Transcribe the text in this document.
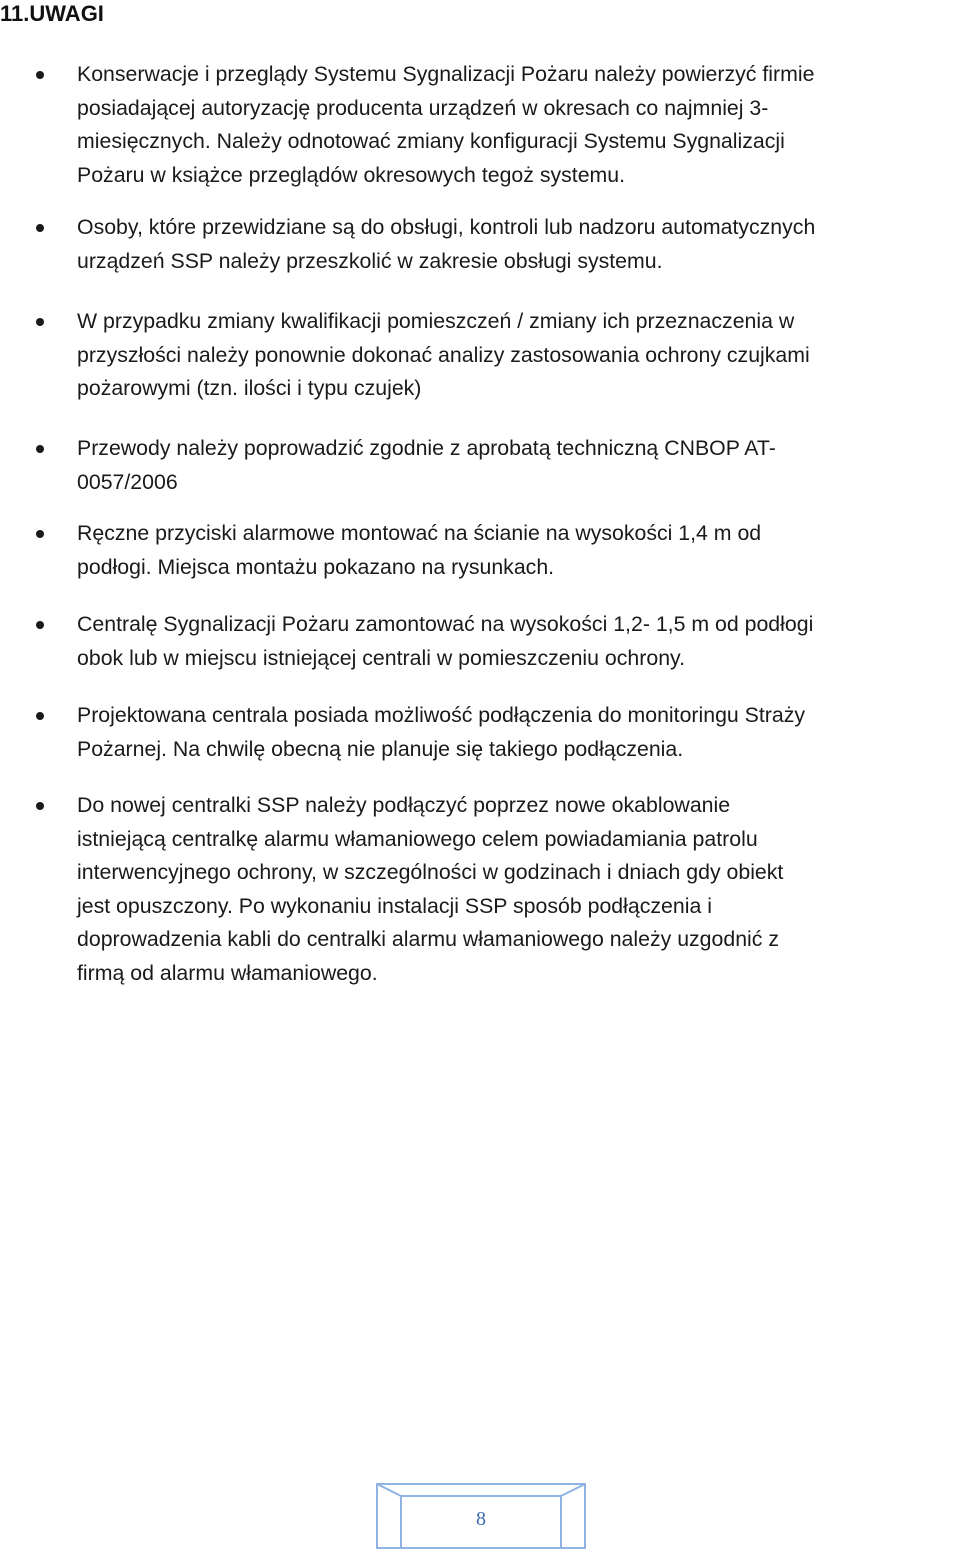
11.UWAGI

Konserwacje i przeglądy Systemu Sygnalizacji Pożaru należy powierzyć firmie
posiadającej autoryzację producenta urządzeń w okresach co najmniej 3-
miesięcznych. Należy odnotować zmiany konfiguracji Systemu Sygnalizacji
Pożaru w książce przeglądów okresowych tegoż systemu.

Osoby, które przewidziane są do obsługi, kontroli lub nadzoru automatycznych
urządzeń SSP należy przeszkolić w zakresie obsługi systemu.

W przypadku zmiany kwalifikacji pomieszczeń / zmiany ich przeznaczenia w
przyszłości należy ponownie dokonać analizy zastosowania ochrony czujkami
pożarowymi (tzn. ilości i typu czujek)

Przewody należy poprowadzić zgodnie z aprobatą techniczną CNBOP AT-
0057/2006

Ręczne przyciski alarmowe montować na ścianie na wysokości 1,4 m od
podłogi. Miejsca montażu pokazano na rysunkach.

Centralę Sygnalizacji Pożaru zamontować na wysokości 1,2- 1,5 m od podłogi
obok lub w miejscu istniejącej centrali w pomieszczeniu ochrony.

Projektowana centrala posiada możliwość podłączenia do monitoringu Straży
Pożarnej. Na chwilę obecną nie planuje się takiego podłączenia.

Do nowej centralki SSP należy podłączyć poprzez nowe okablowanie
istniejącą centralkę alarmu włamaniowego celem powiadamiania patrolu
interwencyjnego ochrony, w szczególności w godzinach i dniach gdy obiekt
jest opuszczony. Po wykonaniu instalacji SSP sposób podłączenia i
doprowadzenia kabli do centralki alarmu włamaniowego należy uzgodnić z
firmą od alarmu włamaniowego.

8
